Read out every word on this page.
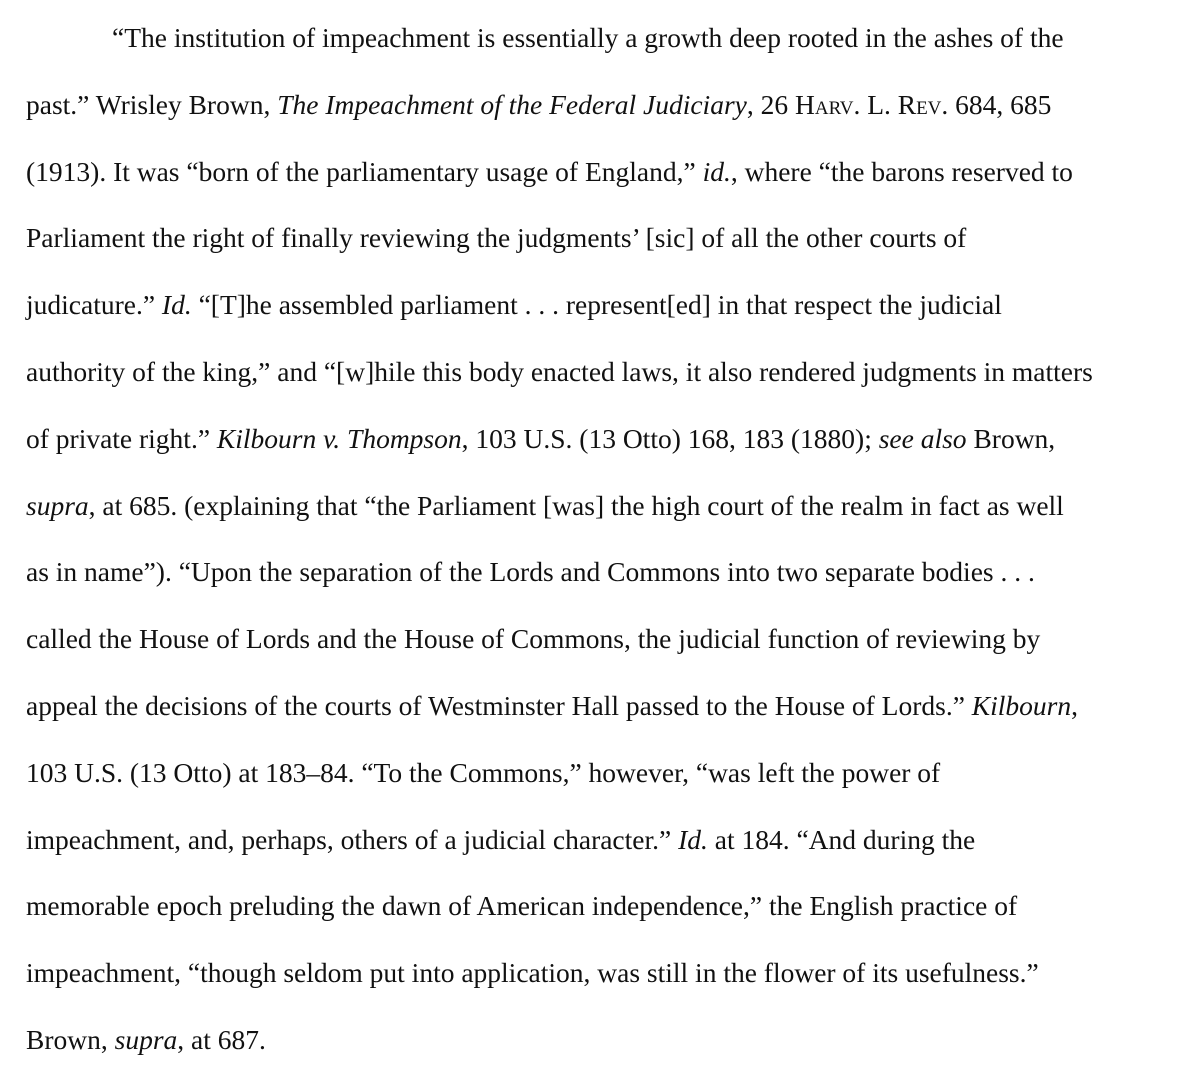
“The institution of impeachment is essentially a growth deep rooted in the ashes of the
past.” Wrisley Brown, The Impeachment of the Federal Judiciary, 26 Harv. L. Rev. 684, 685
(1913). It was “born of the parliamentary usage of England,” id., where “the barons reserved to
Parliament the right of finally reviewing the judgments’ [sic] of all the other courts of
judicature.” Id. “[T]he assembled parliament . . . represent[ed] in that respect the judicial
authority of the king,” and “[w]hile this body enacted laws, it also rendered judgments in matters
of private right.” Kilbourn v. Thompson, 103 U.S. (13 Otto) 168, 183 (1880); see also Brown,
supra, at 685. (explaining that “the Parliament [was] the high court of the realm in fact as well
as in name”). “Upon the separation of the Lords and Commons into two separate bodies . . .
called the House of Lords and the House of Commons, the judicial function of reviewing by
appeal the decisions of the courts of Westminster Hall passed to the House of Lords.” Kilbourn,
103 U.S. (13 Otto) at 183–84. “To the Commons,” however, “was left the power of
impeachment, and, perhaps, others of a judicial character.” Id. at 184. “And during the
memorable epoch preluding the dawn of American independence,” the English practice of
impeachment, “though seldom put into application, was still in the flower of its usefulness.”
Brown, supra, at 687.
